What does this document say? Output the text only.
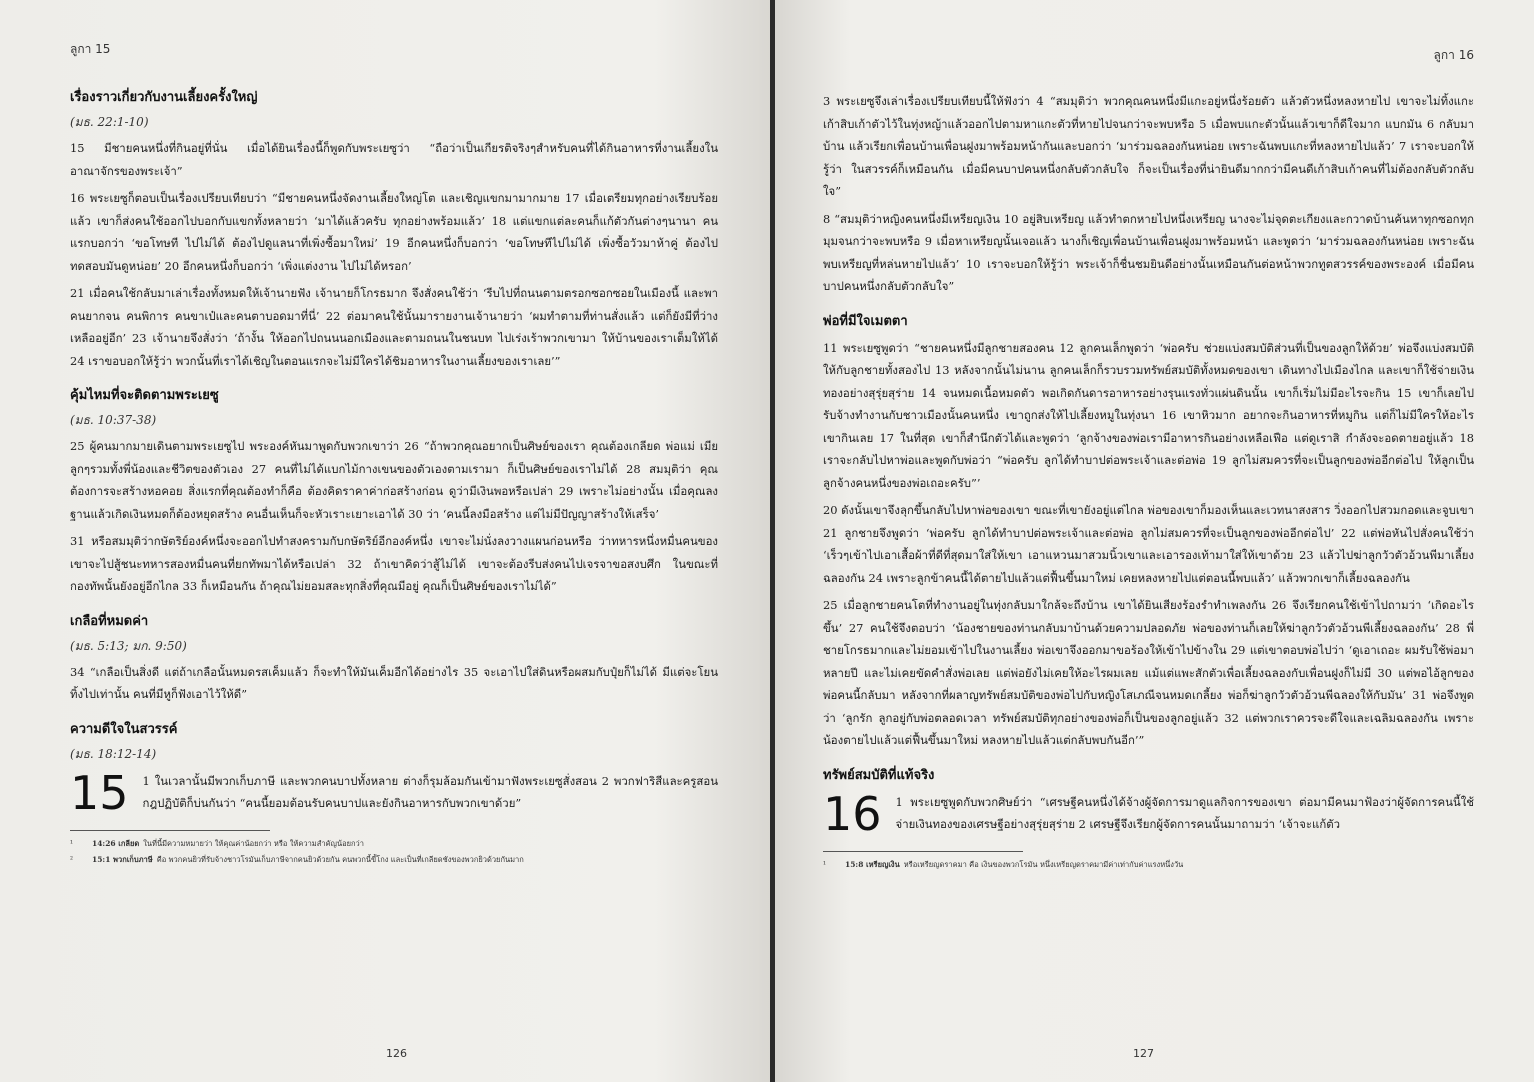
ลูกา 15
เรื่องราวเกี่ยวกับงานเลี้ยงครั้งใหญ่
(มธ. 22:1-10)

15 มีชายคนหนึ่งที่กินอยู่ที่นั่น เมื่อได้ยินเรื่องนี้ก็พูดกับพระเยซูว่า “ถือว่าเป็นเกียรติจริงๆสำหรับคนที่ได้กินอาหารที่งานเลี้ยงในอาณาจักรของพระเจ้า”

16 พระเยซูก็ตอบเป็นเรื่องเปรียบเทียบว่า “มีชายคนหนึ่งจัดงานเลี้ยงใหญ่โต และเชิญแขกมามากมาย 17 เมื่อเตรียมทุกอย่างเรียบร้อยแล้ว เขาก็ส่งคนใช้ออกไปบอกกับแขกทั้งหลายว่า ‘มาได้แล้วครับ ทุกอย่างพร้อมแล้ว’ 18 แต่แขกแต่ละคนก็แก้ตัวกันต่างๆนานา คนแรกบอกว่า ‘ขอโทษที ไปไม่ได้ ต้องไปดูแลนาที่เพิ่งซื้อมาใหม่’ 19 อีกคนหนึ่งก็บอกว่า ‘ขอโทษทีไปไม่ได้ เพิ่งซื้อวัวมาห้าคู่ ต้องไปทดสอบมันดูหน่อย’ 20 อีกคนหนึ่งก็บอกว่า ‘เพิ่งแต่งงาน ไปไม่ได้หรอก’

21 เมื่อคนใช้กลับมาเล่าเรื่องทั้งหมดให้เจ้านายฟัง เจ้านายก็โกรธมาก จึงสั่งคนใช้ว่า ‘รีบไปที่ถนนตามตรอกซอกซอยในเมืองนี้ และพาคนยากจน คนพิการ คนขาเป๋และคนตาบอดมาที่นี่’ 22 ต่อมาคนใช้นั้นมารายงานเจ้านายว่า ‘ผมทำตามที่ท่านสั่งแล้ว แต่ก็ยังมีที่ว่างเหลืออยู่อีก’ 23 เจ้านายจึงสั่งว่า ‘ถ้างั้น ให้ออกไปถนนนอกเมืองและตามถนนในชนบท ไปเร่งเร้าพวกเขามา ให้บ้านของเราเต็มให้ได้ 24 เราขอบอกให้รู้ว่า พวกนั้นที่เราได้เชิญในตอนแรกจะไม่มีใครได้ชิมอาหารในงานเลี้ยงของเราเลย’”

คุ้มไหมที่จะติดตามพระเยซู
(มธ. 10:37-38)

25 ผู้คนมากมายเดินตามพระเยซูไป พระองค์หันมาพูดกับพวกเขาว่า 26 “ถ้าพวกคุณอยากเป็นศิษย์ของเรา คุณต้องเกลียด พ่อแม่ เมีย ลูกๆรวมทั้งพี่น้องและชีวิตของตัวเอง 27 คนที่ไม่ได้แบกไม้กางเขนของตัวเองตามเรามา ก็เป็นศิษย์ของเราไม่ได้ 28 สมมุติว่า คุณต้องการจะสร้างหอคอย สิ่งแรกที่คุณต้องทำก็คือ ต้องคิดราคาค่าก่อสร้างก่อน ดูว่ามีเงินพอหรือเปล่า 29 เพราะไม่อย่างนั้น เมื่อคุณลงฐานแล้วเกิดเงินหมดก็ต้องหยุดสร้าง คนอื่นเห็นก็จะหัวเราะเยาะเอาได้ 30 ว่า ‘คนนี้ลงมือสร้าง แต่ไม่มีปัญญาสร้างให้เสร็จ’

31 หรือสมมุติว่ากษัตริย์องค์หนึ่งจะออกไปทำสงครามกับกษัตริย์อีกองค์หนึ่ง เขาจะไม่นั่งลงวางแผนก่อนหรือ ว่าทหารหนึ่งหมื่นคนของเขาจะไปสู้ชนะทหารสองหมื่นคนที่ยกทัพมาได้หรือเปล่า 32 ถ้าเขาคิดว่าสู้ไม่ได้ เขาจะต้องรีบส่งคนไปเจรจาขอสงบศึก ในขณะที่กองทัพนั้นยังอยู่อีกไกล 33 ก็เหมือนกัน ถ้าคุณไม่ยอมสละทุกสิ่งที่คุณมีอยู่ คุณก็เป็นศิษย์ของเราไม่ได้”

เกลือที่หมดค่า
(มธ. 5:13; มก. 9:50)

34 “เกลือเป็นสิ่งดี แต่ถ้าเกลือนั้นหมดรสเค็มแล้ว ก็จะทำให้มันเค็มอีกได้อย่างไร 35 จะเอาไปใส่ดินหรือผสมกับปุ๋ยก็ไม่ได้ มีแต่จะโยนทิ้งไปเท่านั้น คนที่มีหูก็ฟังเอาไว้ให้ดี”

ความดีใจในสวรรค์
(มธ. 18:12-14)
15 1 ในเวลานั้นมีพวกเก็บภาษี และพวกคนบาปทั้งหลาย ต่างก็รุมล้อมกันเข้ามาฟังพระเยซูสั่งสอน 2 พวกฟาริสีและครูสอนกฎปฏิบัติก็บ่นกันว่า “คนนี้ยอมต้อนรับคนบาปและยังกินอาหารกับพวกเขาด้วย”

¹	14:26 เกลียด ในที่นี้มีความหมายว่า ให้คุณค่าน้อยกว่า หรือ ให้ความสำคัญน้อยกว่า
²	15:1 พวกเก็บภาษี คือ พวกคนยิวที่รับจ้างชาวโรมันเก็บภาษีจากคนยิวด้วยกัน คนพวกนี้ขี้โกง และเป็นที่เกลียดชังของพวกยิวด้วยกันมาก
126
ลูกา 16

3 พระเยซูจึงเล่าเรื่องเปรียบเทียบนี้ให้ฟังว่า 4 “สมมุติว่า พวกคุณคนหนึ่งมีแกะอยู่หนึ่งร้อยตัว แล้วตัวหนึ่งหลงหายไป เขาจะไม่ทิ้งแกะเก้าสิบเก้าตัวไว้ในทุ่งหญ้าแล้วออกไปตามหาแกะตัวที่หายไปจนกว่าจะพบหรือ 5 เมื่อพบแกะตัวนั้นแล้วเขาก็ดีใจมาก แบกมัน 6 กลับมาบ้าน แล้วเรียกเพื่อนบ้านเพื่อนฝูงมาพร้อมหน้ากันและบอกว่า ‘มาร่วมฉลองกันหน่อย เพราะฉันพบแกะที่หลงหายไปแล้ว’ 7 เราจะบอกให้รู้ว่า ในสวรรค์ก็เหมือนกัน เมื่อมีคนบาปคนหนึ่งกลับตัวกลับใจ ก็จะเป็นเรื่องที่น่ายินดีมากกว่ามีคนดีเก้าสิบเก้าคนที่ไม่ต้องกลับตัวกลับใจ”

8 “สมมุติว่าหญิงคนหนึ่งมีเหรียญเงิน 10 อยู่สิบเหรียญ แล้วทำตกหายไปหนึ่งเหรียญ นางจะไม่จุดตะเกียงและกวาดบ้านค้นหาทุกซอกทุกมุมจนกว่าจะพบหรือ 9 เมื่อหาเหรียญนั้นเจอแล้ว นางก็เชิญเพื่อนบ้านเพื่อนฝูงมาพร้อมหน้า และพูดว่า ‘มาร่วมฉลองกันหน่อย เพราะฉันพบเหรียญที่หล่นหายไปแล้ว’ 10 เราจะบอกให้รู้ว่า พระเจ้าก็ชื่นชมยินดีอย่างนั้นเหมือนกันต่อหน้าพวกทูตสวรรค์ของพระองค์ เมื่อมีคนบาปคนหนึ่งกลับตัวกลับใจ”

พ่อที่มีใจเมตตา

11 พระเยซูพูดว่า “ชายคนหนึ่งมีลูกชายสองคน 12 ลูกคนเล็กพูดว่า ‘พ่อครับ ช่วยแบ่งสมบัติส่วนที่เป็นของลูกให้ด้วย’ พ่อจึงแบ่งสมบัติให้กับลูกชายทั้งสองไป 13 หลังจากนั้นไม่นาน ลูกคนเล็กก็รวบรวมทรัพย์สมบัติทั้งหมดของเขา เดินทางไปเมืองไกล และเขาก็ใช้จ่ายเงินทองอย่างสุรุ่ยสุร่าย 14 จนหมดเนื้อหมดตัว พอเกิดกันดารอาหารอย่างรุนแรงทั่วแผ่นดินนั้น เขาก็เริ่มไม่มีอะไรจะกิน 15 เขาก็เลยไปรับจ้างทำงานกับชาวเมืองนั้นคนหนึ่ง เขาถูกส่งให้ไปเลี้ยงหมูในทุ่งนา 16 เขาหิวมาก อยากจะกินอาหารที่หมูกิน แต่ก็ไม่มีใครให้อะไรเขากินเลย 17 ในที่สุด เขาก็สำนึกตัวได้และพูดว่า ‘ลูกจ้างของพ่อเรามีอาหารกินอย่างเหลือเฟือ แต่ดูเราสิ กำลังจะอดตายอยู่แล้ว 18 เราจะกลับไปหาพ่อและพูดกับพ่อว่า “พ่อครับ ลูกได้ทำบาปต่อพระเจ้าและต่อพ่อ 19 ลูกไม่สมควรที่จะเป็นลูกของพ่ออีกต่อไป ให้ลูกเป็นลูกจ้างคนหนึ่งของพ่อเถอะครับ”’

20 ดังนั้นเขาจึงลุกขึ้นกลับไปหาพ่อของเขา ขณะที่เขายังอยู่แต่ไกล พ่อของเขาก็มองเห็นและเวทนาสงสาร วิ่งออกไปสวมกอดและจูบเขา 21 ลูกชายจึงพูดว่า ‘พ่อครับ ลูกได้ทำบาปต่อพระเจ้าและต่อพ่อ ลูกไม่สมควรที่จะเป็นลูกของพ่ออีกต่อไป’ 22 แต่พ่อหันไปสั่งคนใช้ว่า ‘เร็วๆเข้าไปเอาเสื้อผ้าที่ดีที่สุดมาใส่ให้เขา เอาแหวนมาสวมนิ้วเขาและเอารองเท้ามาใส่ให้เขาด้วย 23 แล้วไปฆ่าลูกวัวตัวอ้วนพีมาเลี้ยงฉลองกัน 24 เพราะลูกข้าคนนี้ได้ตายไปแล้วแต่ฟื้นขึ้นมาใหม่ เคยหลงหายไปแต่ตอนนี้พบแล้ว’ แล้วพวกเขาก็เลี้ยงฉลองกัน

25 เมื่อลูกชายคนโตที่ทำงานอยู่ในทุ่งกลับมาใกล้จะถึงบ้าน เขาได้ยินเสียงร้องรำทำเพลงกัน 26 จึงเรียกคนใช้เข้าไปถามว่า ‘เกิดอะไรขึ้น’ 27 คนใช้จึงตอบว่า ‘น้องชายของท่านกลับมาบ้านด้วยความปลอดภัย พ่อของท่านก็เลยให้ฆ่าลูกวัวตัวอ้วนพีเลี้ยงฉลองกัน’ 28 พี่ชายโกรธมากและไม่ยอมเข้าไปในงานเลี้ยง พ่อเขาจึงออกมาขอร้องให้เข้าไปข้างใน 29 แต่เขาตอบพ่อไปว่า ‘ดูเอาเถอะ ผมรับใช้พ่อมาหลายปี และไม่เคยขัดคำสั่งพ่อเลย แต่พ่อยังไม่เคยให้อะไรผมเลย แม้แต่แพะสักตัวเพื่อเลี้ยงฉลองกับเพื่อนฝูงก็ไม่มี 30 แต่พอไอ้ลูกของพ่อคนนี้กลับมา หลังจากที่ผลาญทรัพย์สมบัติของพ่อไปกับหญิงโสเภณีจนหมดเกลี้ยง พ่อก็ฆ่าลูกวัวตัวอ้วนพีฉลองให้กับมัน’ 31 พ่อจึงพูดว่า ‘ลูกรัก ลูกอยู่กับพ่อตลอดเวลา ทรัพย์สมบัติทุกอย่างของพ่อก็เป็นของลูกอยู่แล้ว 32 แต่พวกเราควรจะดีใจและเฉลิมฉลองกัน เพราะน้องตายไปแล้วแต่ฟื้นขึ้นมาใหม่ หลงหายไปแล้วแต่กลับพบกันอีก’”

ทรัพย์สมบัติที่แท้จริง
16 1 พระเยซูพูดกับพวกศิษย์ว่า “เศรษฐีคนหนึ่งได้จ้างผู้จัดการมาดูแลกิจการของเขา ต่อมามีคนมาฟ้องว่าผู้จัดการคนนี้ใช้จ่ายเงินทองของเศรษฐีอย่างสุรุ่ยสุร่าย 2 เศรษฐีจึงเรียกผู้จัดการคนนั้นมาถามว่า ‘เจ้าจะแก้ตัว

¹	15:8 เหรียญเงิน หรือเหรียญดราคมา คือ เงินของพวกโรมัน หนึ่งเหรียญดราคมามีค่าเท่ากับค่าแรงหนึ่งวัน
127
